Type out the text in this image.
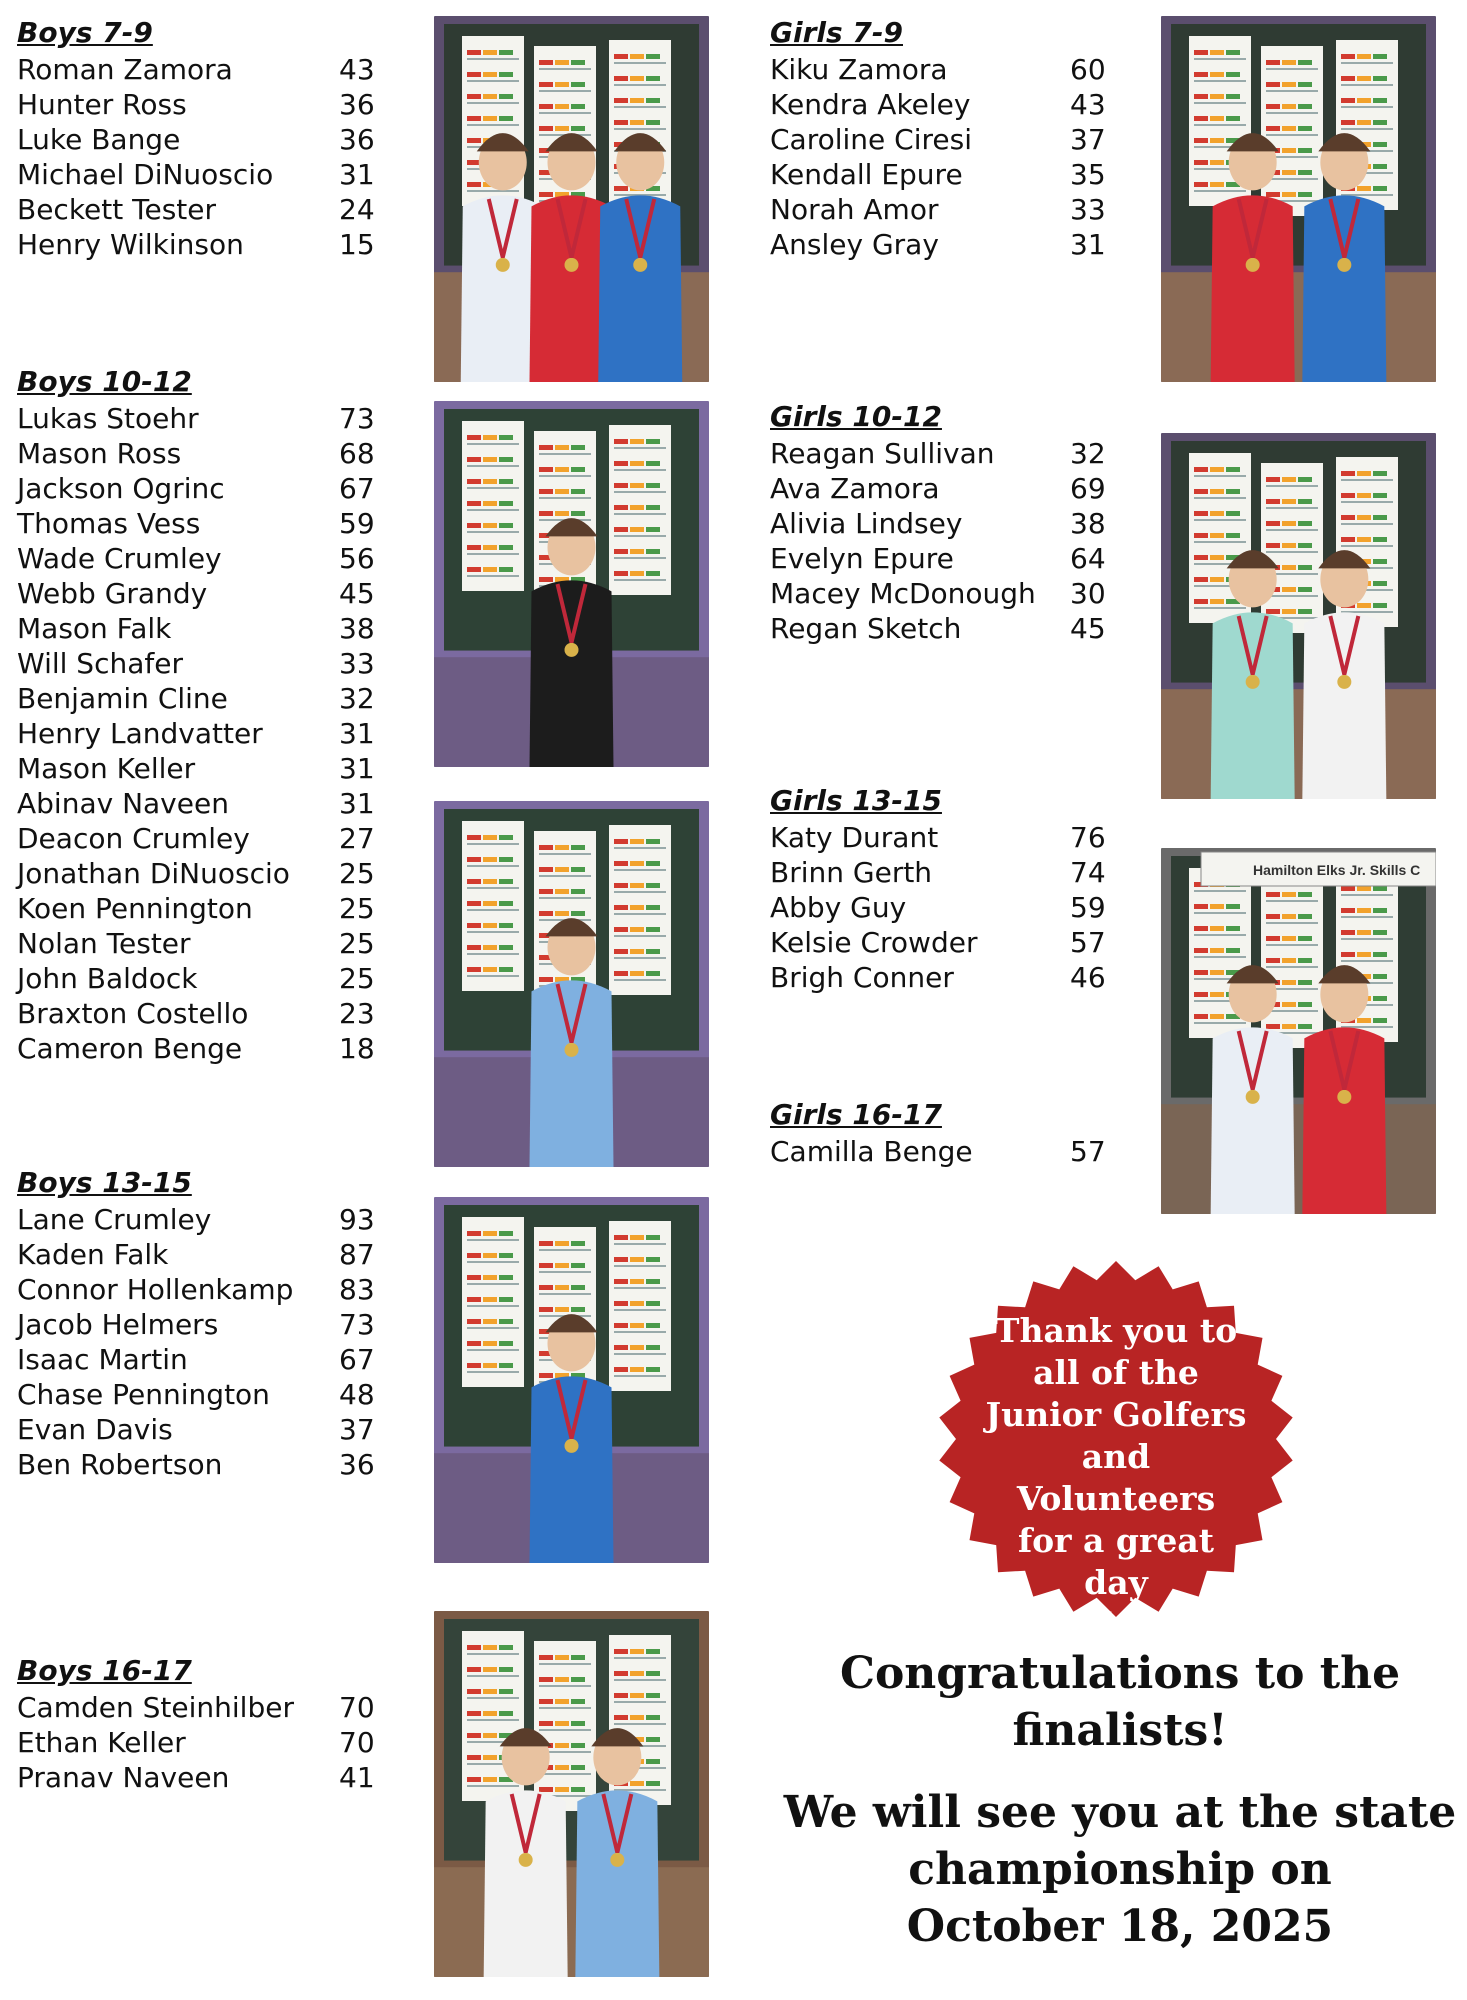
Boys 7-9
Roman Zamora	43
Hunter Ross	36
Luke Bange	36
Michael DiNuoscio	31
Beckett Tester	24
Henry Wilkinson	15
Boys 10-12
Lukas Stoehr	73
Mason Ross	68
Jackson Ogrinc	67
Thomas Vess	59
Wade Crumley	56
Webb Grandy	45
Mason Falk	38
Will Schafer	33
Benjamin Cline	32
Henry Landvatter	31
Mason Keller	31
Abinav Naveen	31
Deacon Crumley	27
Jonathan DiNuoscio	25
Koen Pennington	25
Nolan Tester	25
John Baldock	25
Braxton Costello	23
Cameron Benge	18
Boys 13-15
Lane Crumley	93
Kaden Falk	87
Connor Hollenkamp	83
Jacob Helmers	73
Isaac Martin	67
Chase Pennington	48
Evan Davis	37
Ben Robertson	36
Boys 16-17
Camden Steinhilber	70
Ethan Keller	70
Pranav Naveen	41
Girls 7-9
Kiku Zamora	60
Kendra Akeley	43
Caroline Ciresi	37
Kendall Epure	35
Norah Amor	33
Ansley Gray	31
Girls 10-12
Reagan Sullivan	32
Ava Zamora	69
Alivia Lindsey	38
Evelyn Epure	64
Macey McDonough	30
Regan Sketch	45
Girls 13-15
Katy Durant	76
Brinn Gerth	74
Abby Guy	59
Kelsie Crowder	57
Brigh Conner	46
Girls 16-17
Camilla Benge	57
Hamilton Elks Jr. Skills C
Thank you to
all of the
Junior Golfers
and Volunteers
for a great day
full of skills!
Congratulations to the
finalists!
We will see you at the state
championship on
October 18, 2025
